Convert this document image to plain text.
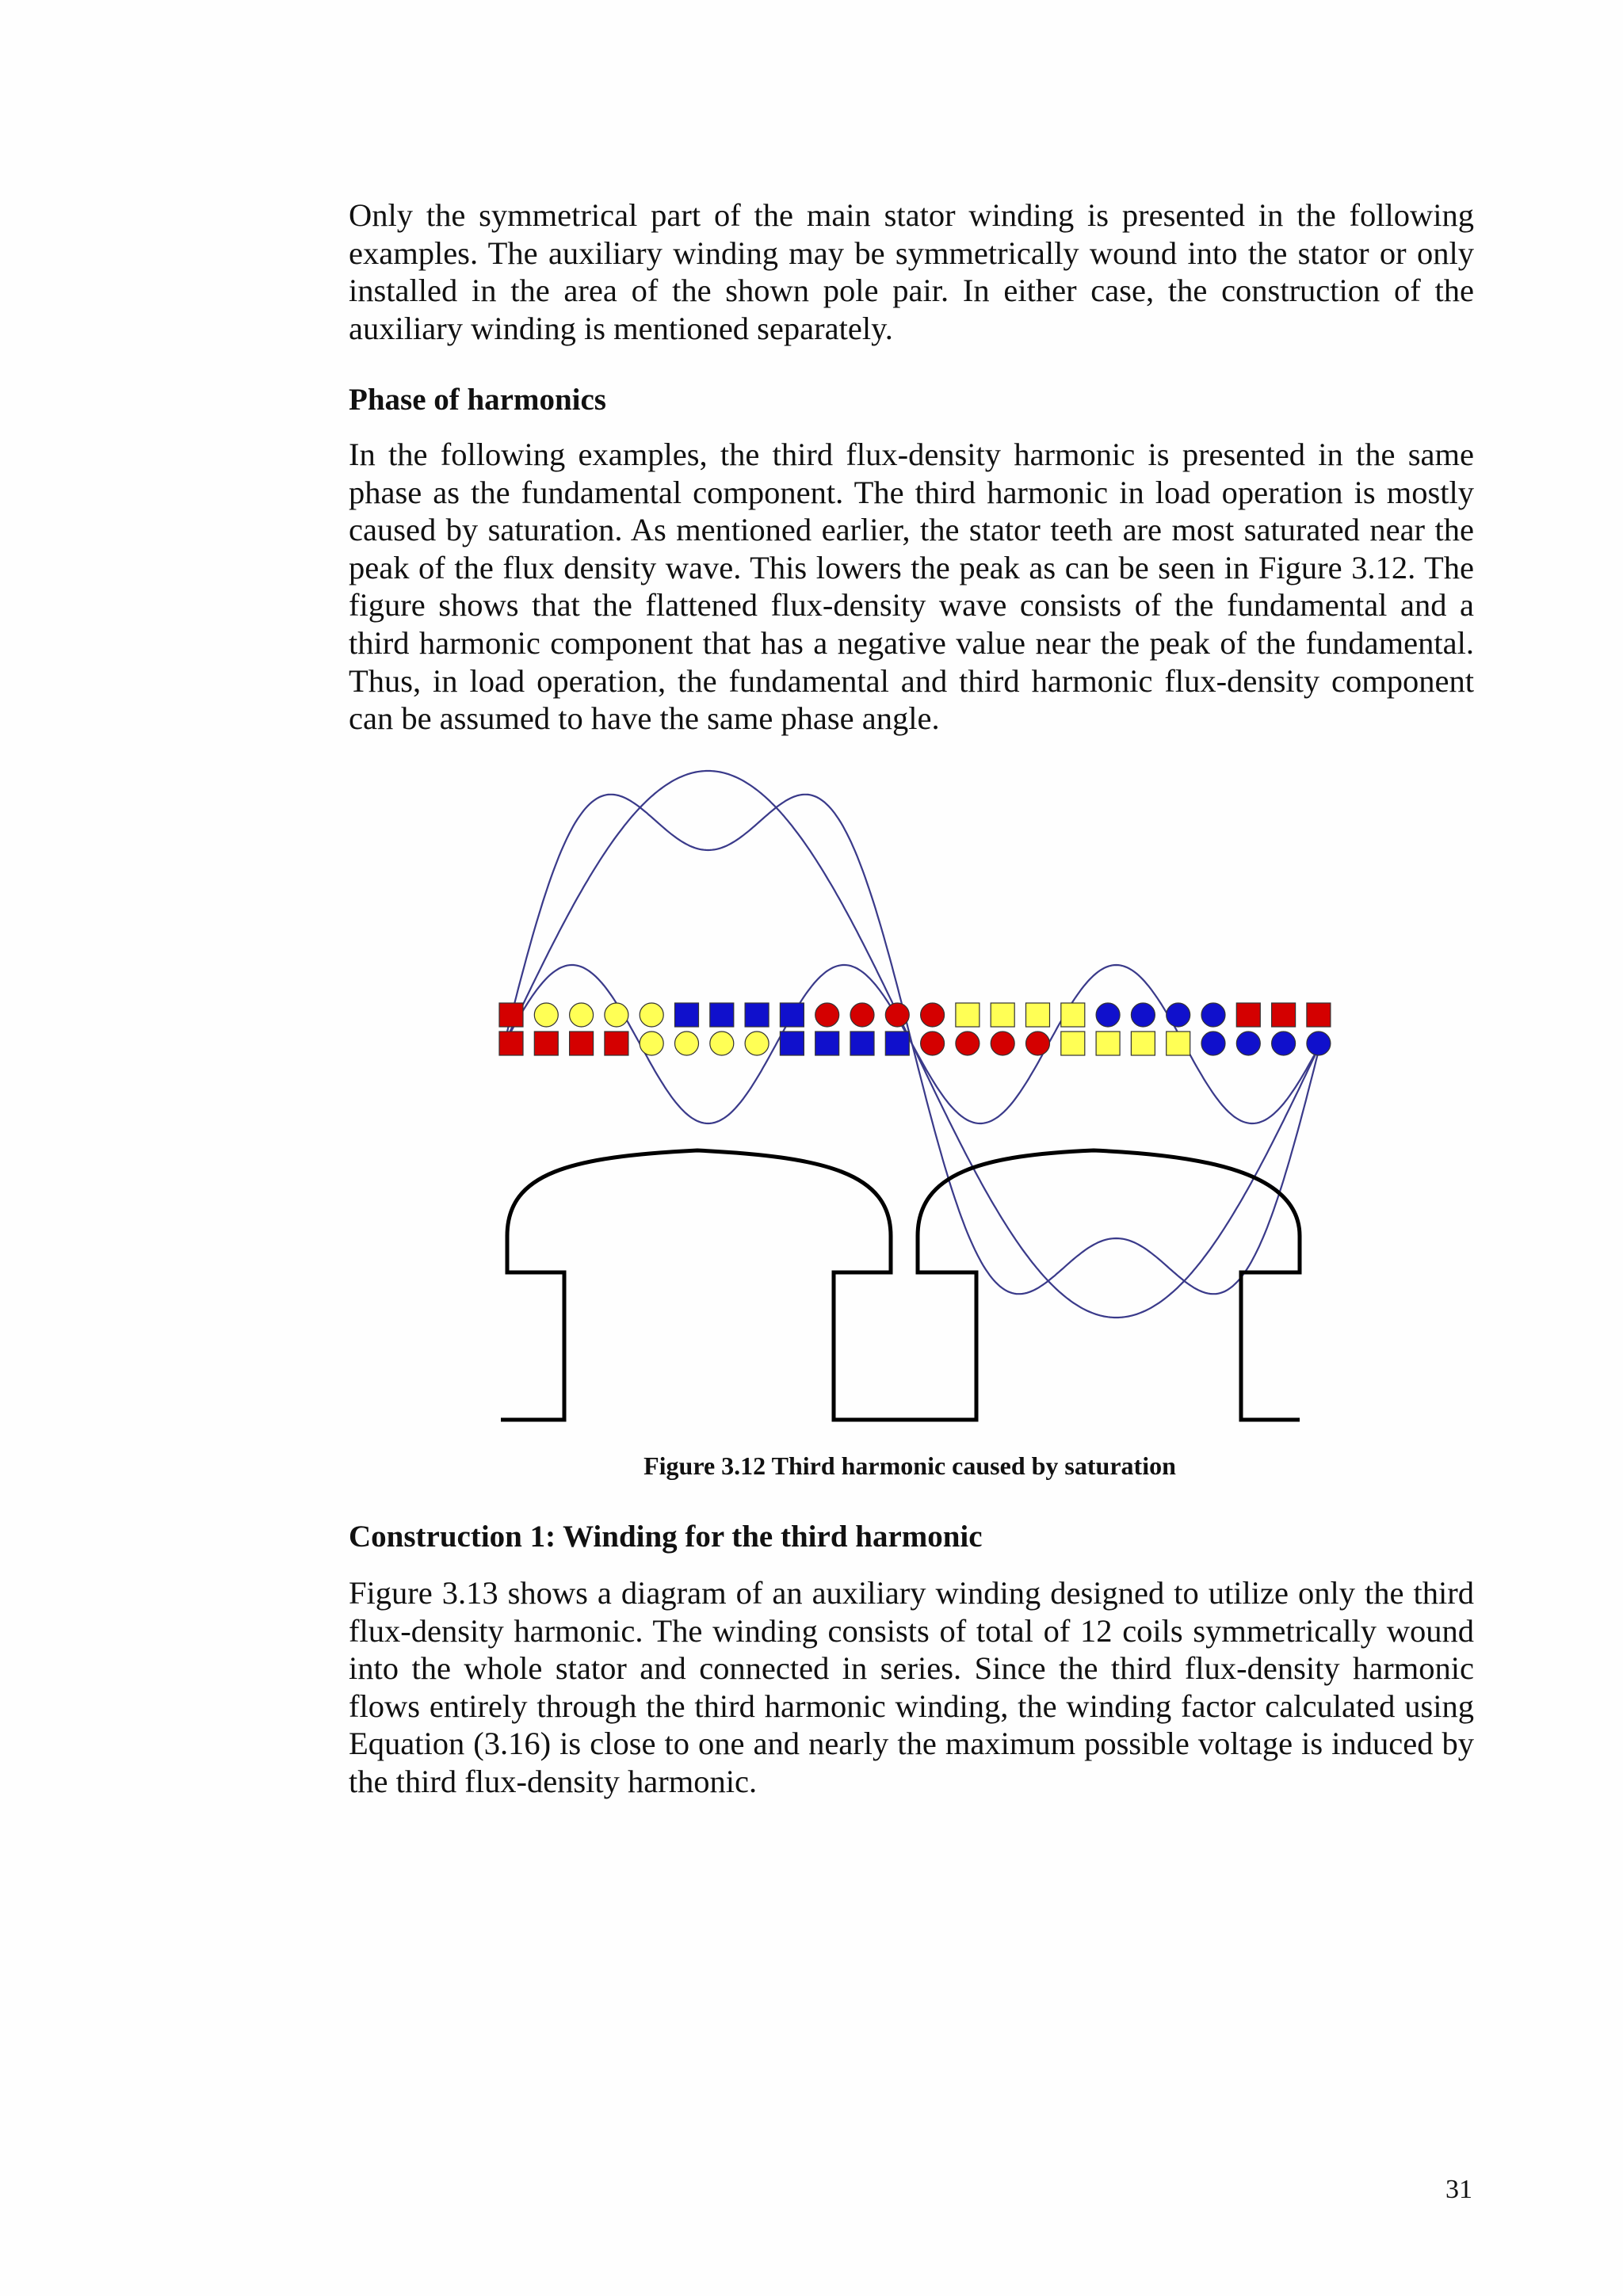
Only the symmetrical part of the main stator winding is presented in the following examples. The auxiliary winding may be symmetrically wound into the stator or only installed in the area of the shown pole pair. In either case, the construction of the auxiliary winding is mentioned separately.

Phase of harmonics

In the following examples, the third flux-density harmonic is presented in the same phase as the fundamental component. The third harmonic in load operation is mostly caused by saturation. As mentioned earlier, the stator teeth are most saturated near the peak of the flux density wave. This lowers the peak as can be seen in Figure 3.12. The figure shows that the flattened flux-density wave consists of the fundamental and a third harmonic component that has a negative value near the peak of the fundamental. Thus, in load operation, the fundamental and third harmonic flux-density component can be assumed to have the same phase angle.

Figure 3.12 Third harmonic caused by saturation

Construction 1: Winding for the third harmonic

Figure 3.13 shows a diagram of an auxiliary winding designed to utilize only the third flux-density harmonic. The winding consists of total of 12 coils symmetrically wound into the whole stator and connected in series. Since the third flux-density harmonic flows entirely through the third harmonic winding, the winding factor calculated using Equation (3.16) is close to one and nearly the maximum possible voltage is induced by the third flux-density harmonic.

31
